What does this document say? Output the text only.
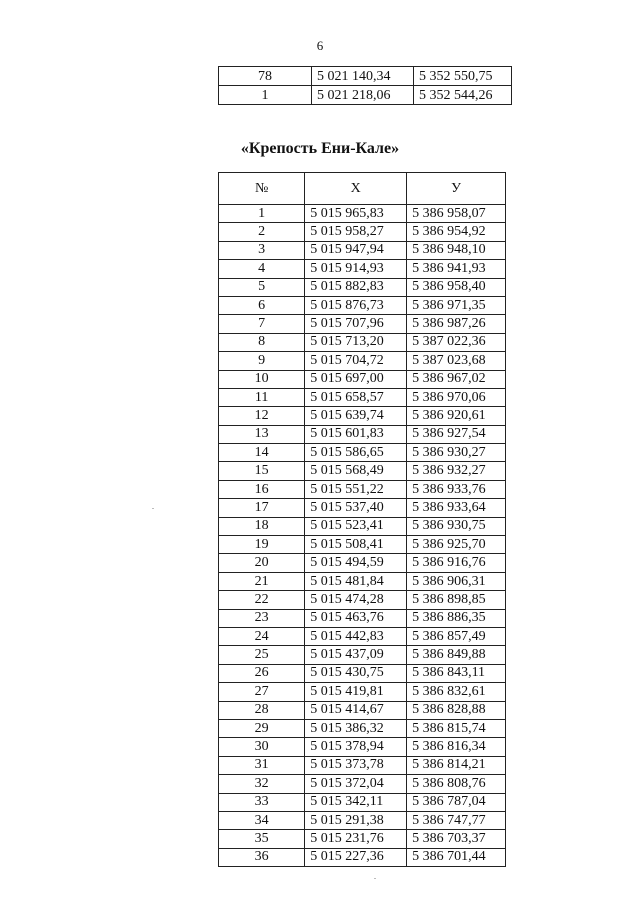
6
78	5 021 140,34	5 352 550,75
1	5 021 218,06	5 352 544,26
«Крепость Ени-Кале»
№	X	У
1	5 015 965,83	5 386 958,07
2	5 015 958,27	5 386 954,92
3	5 015 947,94	5 386 948,10
4	5 015 914,93	5 386 941,93
5	5 015 882,83	5 386 958,40
6	5 015 876,73	5 386 971,35
7	5 015 707,96	5 386 987,26
8	5 015 713,20	5 387 022,36
9	5 015 704,72	5 387 023,68
10	5 015 697,00	5 386 967,02
11	5 015 658,57	5 386 970,06
12	5 015 639,74	5 386 920,61
13	5 015 601,83	5 386 927,54
14	5 015 586,65	5 386 930,27
15	5 015 568,49	5 386 932,27
16	5 015 551,22	5 386 933,76
17	5 015 537,40	5 386 933,64
18	5 015 523,41	5 386 930,75
19	5 015 508,41	5 386 925,70
20	5 015 494,59	5 386 916,76
21	5 015 481,84	5 386 906,31
22	5 015 474,28	5 386 898,85
23	5 015 463,76	5 386 886,35
24	5 015 442,83	5 386 857,49
25	5 015 437,09	5 386 849,88
26	5 015 430,75	5 386 843,11
27	5 015 419,81	5 386 832,61
28	5 015 414,67	5 386 828,88
29	5 015 386,32	5 386 815,74
30	5 015 378,94	5 386 816,34
31	5 015 373,78	5 386 814,21
32	5 015 372,04	5 386 808,76
33	5 015 342,11	5 386 787,04
34	5 015 291,38	5 386 747,77
35	5 015 231,76	5 386 703,37
36	5 015 227,36	5 386 701,44
